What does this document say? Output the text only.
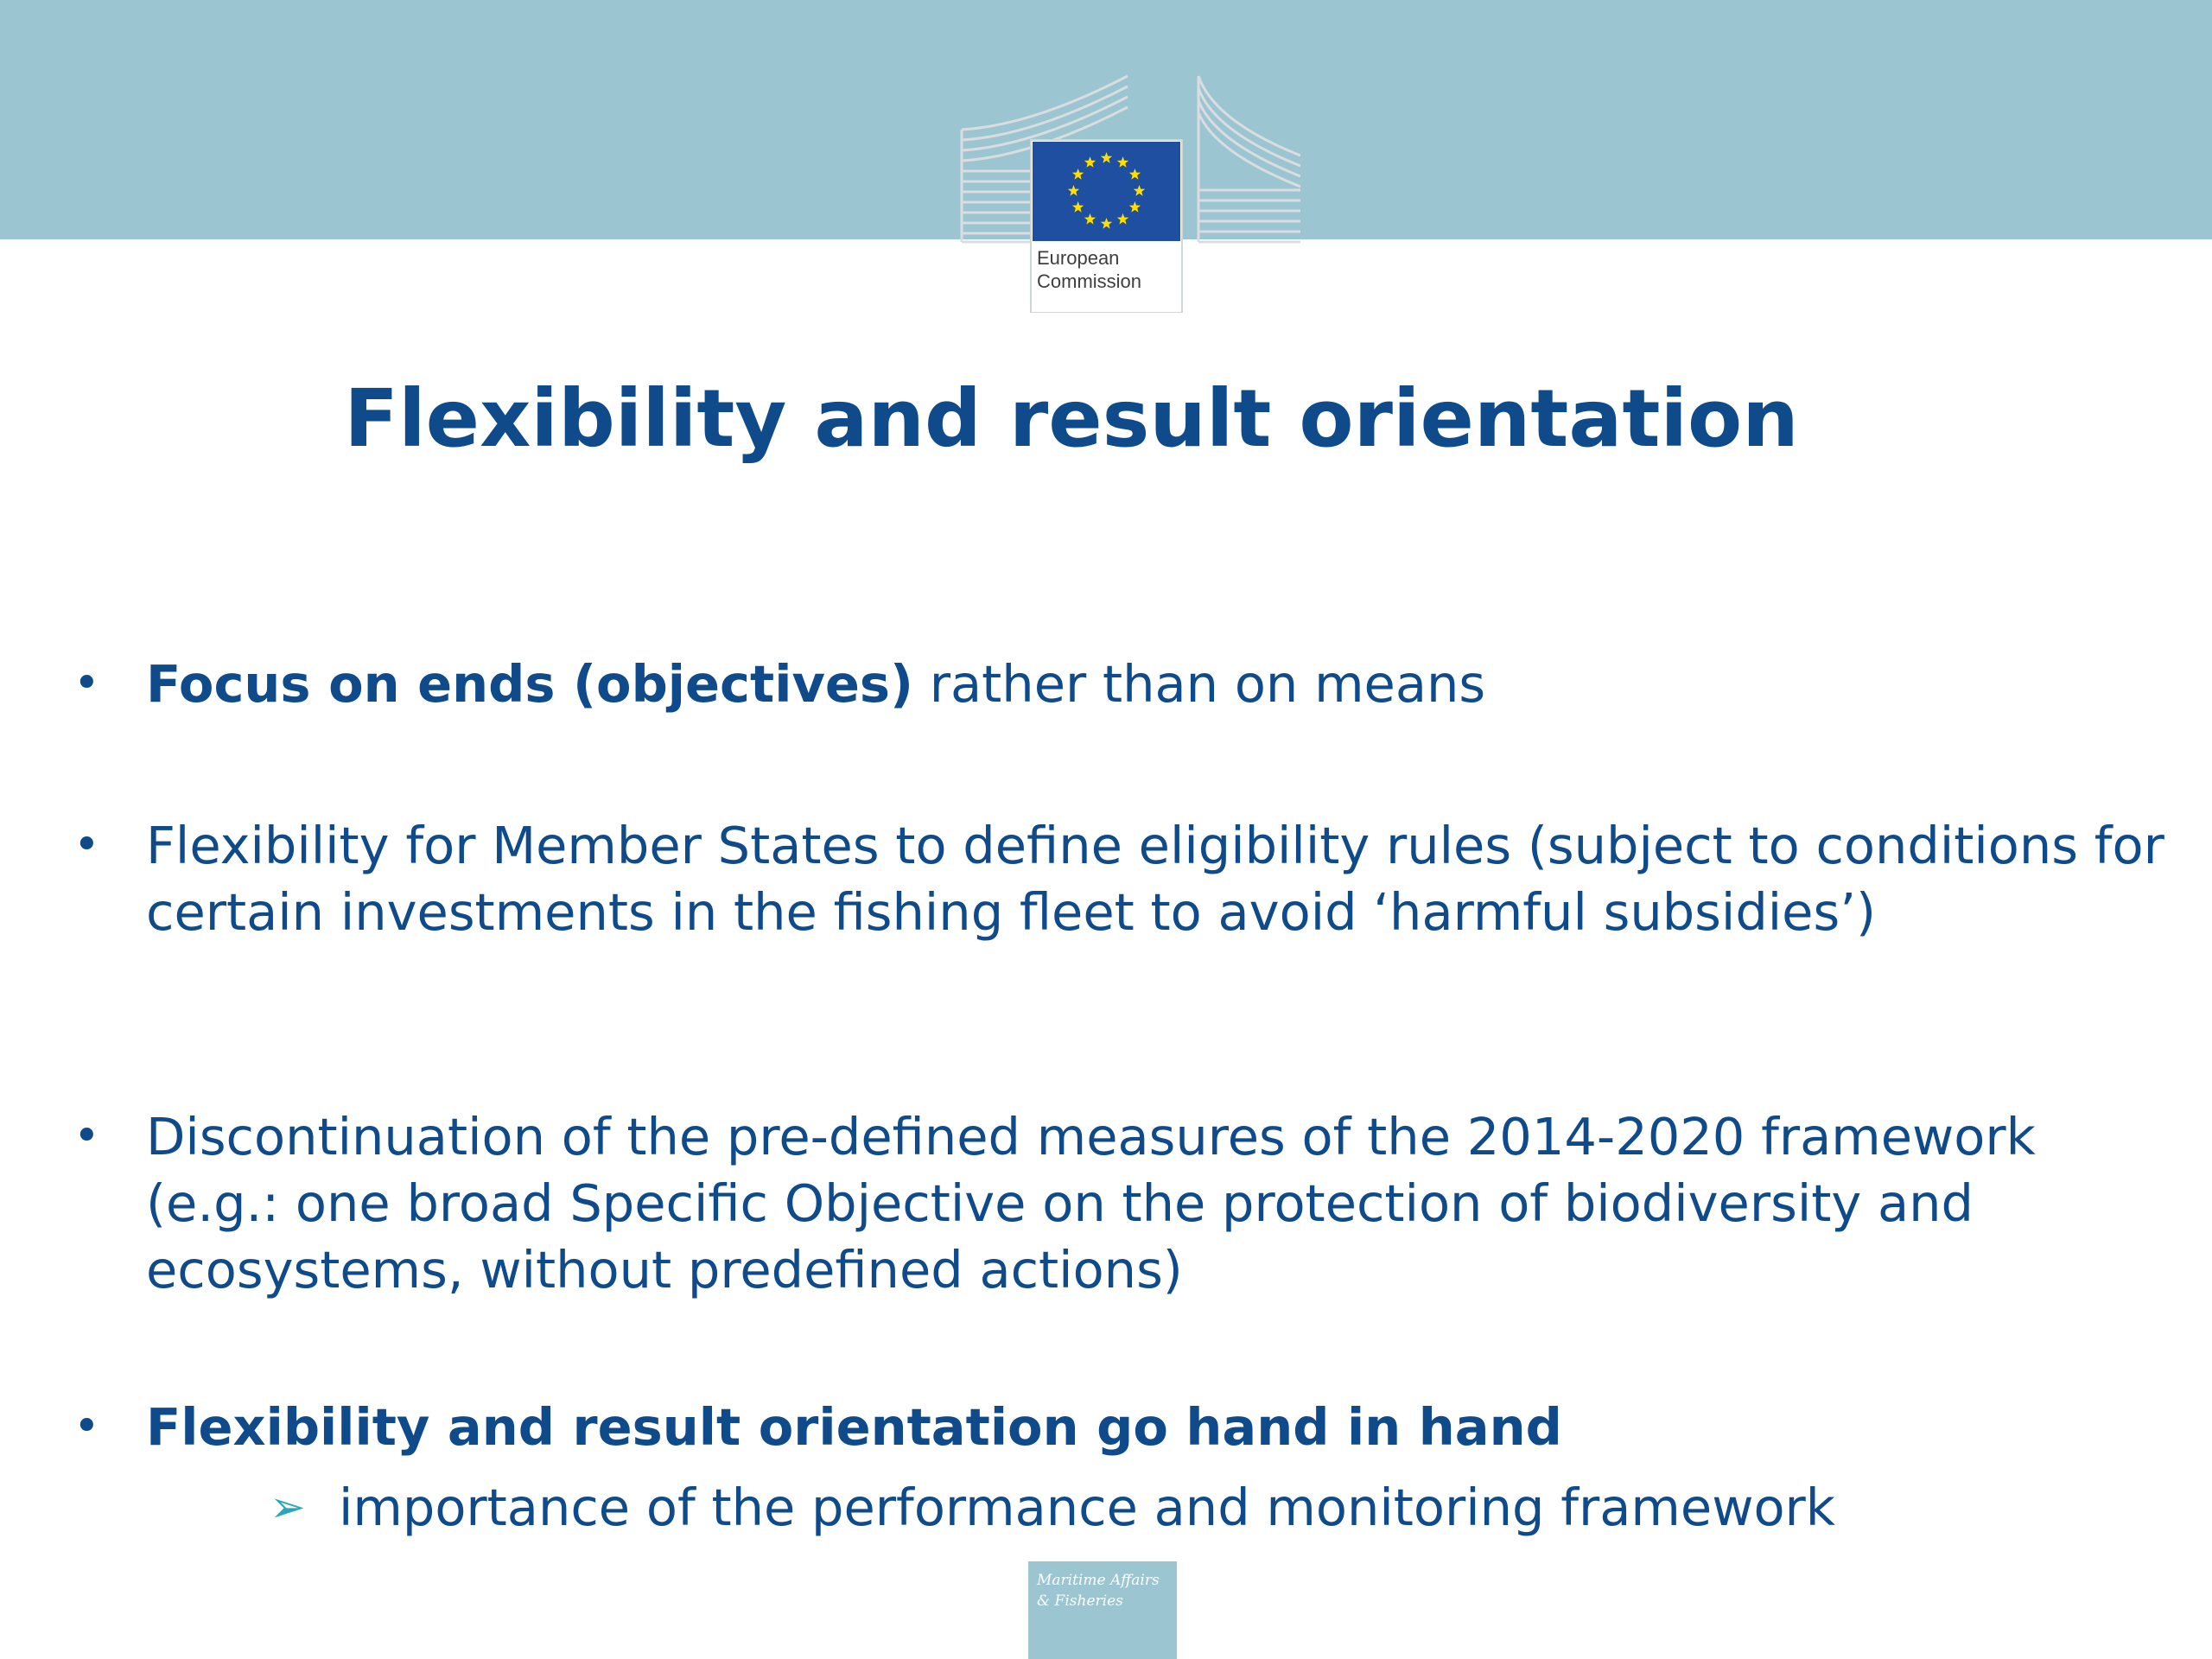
European
Commission
Flexibility and result orientation
• Focus on ends (objectives) rather than on means
• Flexibility for Member States to define eligibility rules (subject to conditions for certain investments in the fishing fleet to avoid ‘harmful subsidies’)
• Discontinuation of the pre-defined measures of the 2014-2020 framework (e.g.: one broad Specific Objective on the protection of biodiversity and ecosystems, without predefined actions)
• Flexibility and result orientation go hand in hand
➢ importance of the performance and monitoring framework
Maritime Affairs
& Fisheries
